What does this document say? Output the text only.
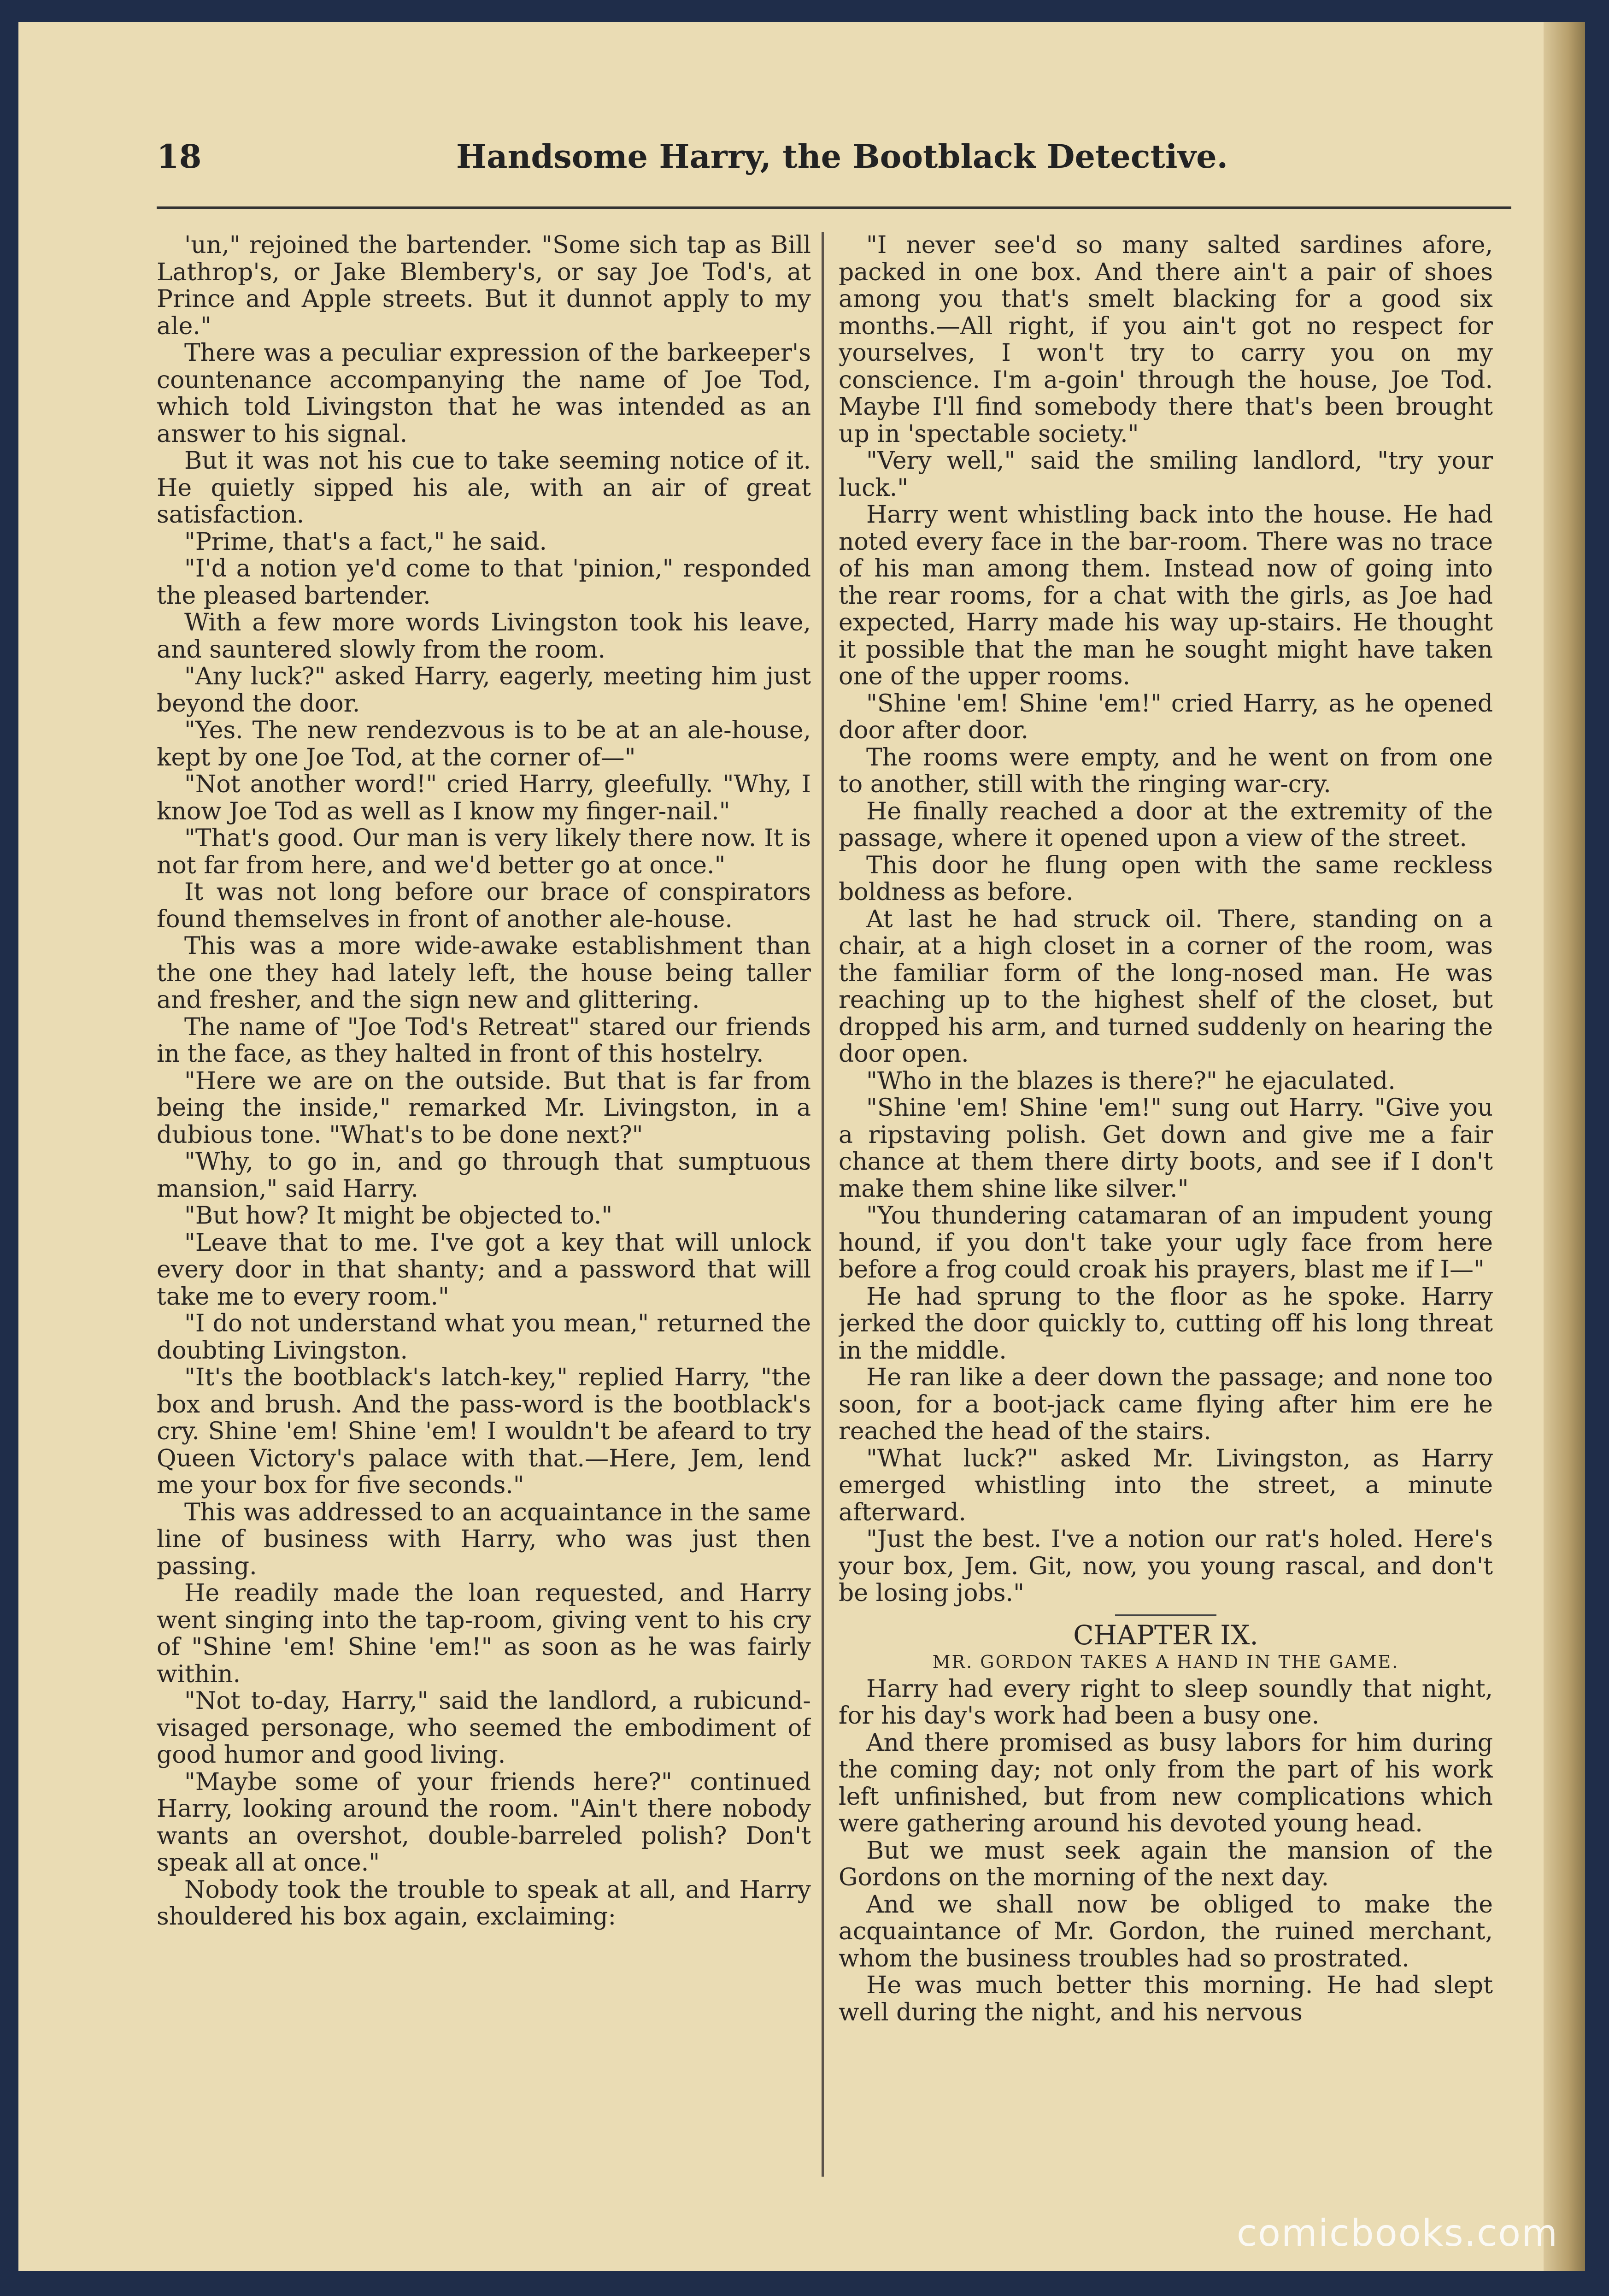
18	Handsome Harry, the Bootblack Detective.

'un," rejoined the bartender. "Some sich tap as Bill Lathrop's, or Jake Blembery's, or say Joe Tod's, at Prince and Apple streets. But it dunnot apply to my ale."

There was a peculiar expression of the barkeeper's countenance accompanying the name of Joe Tod, which told Livingston that he was intended as an answer to his signal.

But it was not his cue to take seeming notice of it. He quietly sipped his ale, with an air of great satisfaction.

"Prime, that's a fact," he said.

"I'd a notion ye'd come to that 'pinion," responded the pleased bartender.

With a few more words Livingston took his leave, and sauntered slowly from the room.

"Any luck?" asked Harry, eagerly, meeting him just beyond the door.

"Yes. The new rendezvous is to be at an ale-house, kept by one Joe Tod, at the corner of—"

"Not another word!" cried Harry, gleefully. "Why, I know Joe Tod as well as I know my finger-nail."

"That's good. Our man is very likely there now. It is not far from here, and we'd better go at once."

It was not long before our brace of conspirators found themselves in front of another ale-house.

This was a more wide-awake establishment than the one they had lately left, the house being taller and fresher, and the sign new and glittering.

The name of "Joe Tod's Retreat" stared our friends in the face, as they halted in front of this hostelry.

"Here we are on the outside. But that is far from being the inside," remarked Mr. Livingston, in a dubious tone. "What's to be done next?"

"Why, to go in, and go through that sumptuous mansion," said Harry.

"But how? It might be objected to."

"Leave that to me. I've got a key that will unlock every door in that shanty; and a password that will take me to every room."

"I do not understand what you mean," returned the doubting Livingston.

"It's the bootblack's latch-key," replied Harry, "the box and brush. And the pass-word is the bootblack's cry. Shine 'em! Shine 'em! I wouldn't be afeard to try Queen Victory's palace with that.—Here, Jem, lend me your box for five seconds."

This was addressed to an acquaintance in the same line of business with Harry, who was just then passing.

He readily made the loan requested, and Harry went singing into the tap-room, giving vent to his cry of "Shine 'em! Shine 'em!" as soon as he was fairly within.

"Not to-day, Harry," said the landlord, a rubicund-visaged personage, who seemed the embodiment of good humor and good living.

"Maybe some of your friends here?" continued Harry, looking around the room. "Ain't there nobody wants an overshot, double-barreled polish? Don't speak all at once."

Nobody took the trouble to speak at all, and Harry shouldered his box again, exclaiming:

"I never see'd so many salted sardines afore, packed in one box. And there ain't a pair of shoes among you that's smelt blacking for a good six months.—All right, if you ain't got no respect for yourselves, I won't try to carry you on my conscience. I'm a-goin' through the house, Joe Tod. Maybe I'll find somebody there that's been brought up in 'spectable society."

"Very well," said the smiling landlord, "try your luck."

Harry went whistling back into the house. He had noted every face in the bar-room. There was no trace of his man among them. Instead now of going into the rear rooms, for a chat with the girls, as Joe had expected, Harry made his way up-stairs. He thought it possible that the man he sought might have taken one of the upper rooms.

"Shine 'em! Shine 'em!" cried Harry, as he opened door after door.

The rooms were empty, and he went on from one to another, still with the ringing war-cry.

He finally reached a door at the extremity of the passage, where it opened upon a view of the street.

This door he flung open with the same reckless boldness as before.

At last he had struck oil. There, standing on a chair, at a high closet in a corner of the room, was the familiar form of the long-nosed man. He was reaching up to the highest shelf of the closet, but dropped his arm, and turned suddenly on hearing the door open.

"Who in the blazes is there?" he ejaculated.

"Shine 'em! Shine 'em!" sung out Harry. "Give you a ripstaving polish. Get down and give me a fair chance at them there dirty boots, and see if I don't make them shine like silver."

"You thundering catamaran of an impudent young hound, if you don't take your ugly face from here before a frog could croak his prayers, blast me if I—"

He had sprung to the floor as he spoke. Harry jerked the door quickly to, cutting off his long threat in the middle.

He ran like a deer down the passage; and none too soon, for a boot-jack came flying after him ere he reached the head of the stairs.

"What luck?" asked Mr. Livingston, as Harry emerged whistling into the street, a minute afterward.

"Just the best. I've a notion our rat's holed. Here's your box, Jem. Git, now, you young rascal, and don't be losing jobs."

CHAPTER IX.

MR. GORDON TAKES A HAND IN THE GAME.

Harry had every right to sleep soundly that night, for his day's work had been a busy one.

And there promised as busy labors for him during the coming day; not only from the part of his work left unfinished, but from new complications which were gathering around his devoted young head.

But we must seek again the mansion of the Gordons on the morning of the next day.

And we shall now be obliged to make the acquaintance of Mr. Gordon, the ruined merchant, whom the business troubles had so prostrated.

He was much better this morning. He had slept well during the night, and his nervous

comicbooks.com
